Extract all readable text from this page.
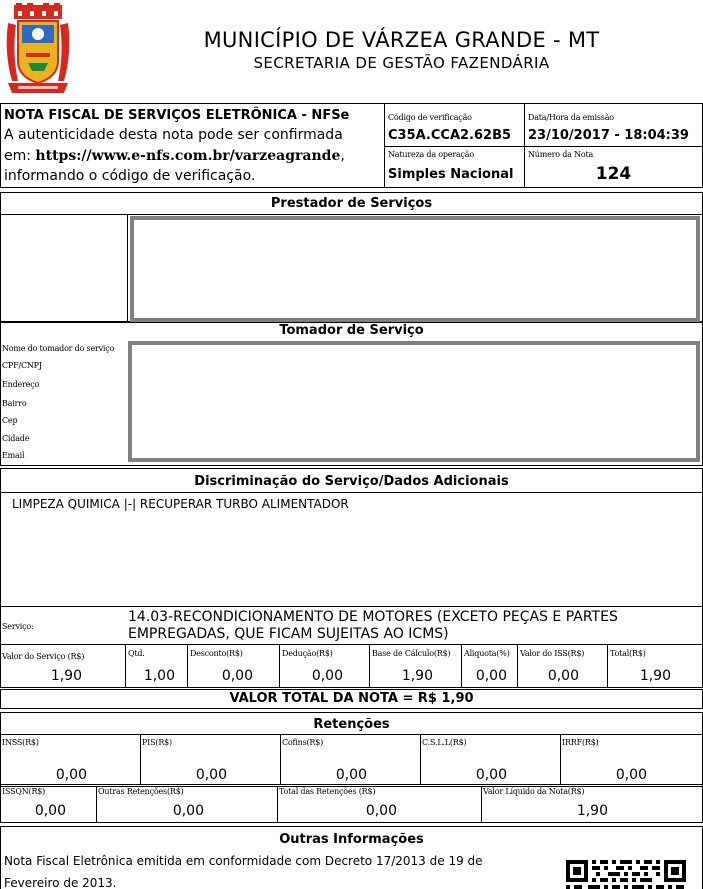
MUNICÍPIO DE VÁRZEA GRANDE - MT
SECRETARIA DE GESTÃO FAZENDÁRIA
NOTA FISCAL DE SERVIÇOS ELETRÔNICA - NFSe
A autenticidade desta nota pode ser confirmada
em: https://www.e-nfs.com.br/varzeagrande,
informando o código de verificação.
Código de verificação
C35A.CCA2.62B5
Data/Hora da emissão
23/10/2017 - 18:04:39
Natureza da operação
Simples Nacional
Número da Nota
124
Prestador de Serviços
Tomador de Serviço
Nome do tomador do serviço
CPF/CNPJ
Endereço
Bairro
Cep
Cidade
Email
Discriminação do Serviço/Dados Adicionais
LIMPEZA QUIMICA |-| RECUPERAR TURBO ALIMENTADOR
Serviço:
14.03-RECONDICIONAMENTO DE MOTORES (EXCETO PEÇAS E PARTES
EMPREGADAS, QUE FICAM SUJEITAS AO ICMS)
Valor do Serviço (R$)
1,90
Qtd.
1,00
Desconto(R$)
0,00
Dedução(R$)
0,00
Base de Cálculo(R$)
1,90
Aliquota(%)
0,00
Valor do ISS(R$)
0,00
Total(R$)
1,90
VALOR TOTAL DA NOTA = R$ 1,90
Retenções
INSS(R$)
0,00
PIS(R$)
0,00
Cofins(R$)
0,00
C.S.L.L(R$)
0,00
IRRF(R$)
0,00
ISSQN(R$)
0,00
Outras Retenções(R$)
0,00
Total das Retenções (R$)
0,00
Valor Líquido da Nota(R$)
1,90
Outras Informações
Nota Fiscal Eletrônica emitida em conformidade com Decreto 17/2013 de 19 de
Fevereiro de 2013.
